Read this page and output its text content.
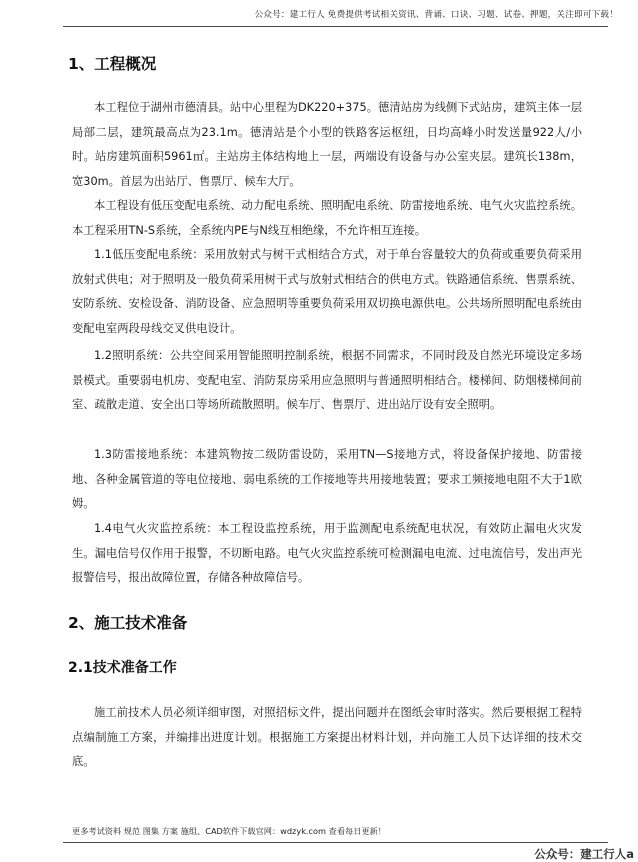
公众号：建工行人 免费提供考试相关资讯、背诵、口诀、习题、试卷、押题，关注即可下载！
1、工程概况

本工程位于湖州市德清县。站中心里程为DK220+375。德清站房为线侧下式站房，建筑主体一层局部二层，建筑最高点为23.1m。德清站是个小型的铁路客运枢纽，日均高峰小时发送量922人/小时。站房建筑面积5961㎡。主站房主体结构地上一层，两端设有设备与办公室夹层。建筑长138m，宽30m。首层为出站厅、售票厅、候车大厅。

本工程设有低压变配电系统、动力配电系统、照明配电系统、防雷接地系统、电气火灾监控系统。本工程采用TN-S系统，全系统内PE与N线互相绝缘，不允许相互连接。

1.1低压变配电系统：采用放射式与树干式相结合方式，对于单台容量较大的负荷或重要负荷采用放射式供电；对于照明及一般负荷采用树干式与放射式相结合的供电方式。铁路通信系统、售票系统、安防系统、安检设备、消防设备、应急照明等重要负荷采用双切换电源供电。公共场所照明配电系统由变配电室两段母线交叉供电设计。

1.2照明系统：公共空间采用智能照明控制系统，根据不同需求，不同时段及自然光环境设定多场景模式。重要弱电机房、变配电室、消防泵房采用应急照明与普通照明相结合。楼梯间、防烟楼梯间前室、疏散走道、安全出口等场所疏散照明。候车厅、售票厅、进出站厅设有安全照明。

1.3防雷接地系统：本建筑物按二级防雷设防，采用TN—S接地方式，将设备保护接地、防雷接地、各种金属管道的等电位接地、弱电系统的工作接地等共用接地装置；要求工频接地电阻不大于1欧姆。

1.4电气火灾监控系统：本工程设监控系统，用于监测配电系统配电状况，有效防止漏电火灾发生。漏电信号仅作用于报警，不切断电路。电气火灾监控系统可检测漏电电流、过电流信号，发出声光报警信号，报出故障位置，存储各种故障信号。

2、施工技术准备
2.1技术准备工作

施工前技术人员必须详细审图，对照招标文件，提出问题并在图纸会审时落实。然后要根据工程特点编制施工方案，并编排出进度计划。根据施工方案提出材料计划，并向施工人员下达详细的技术交底。

更多考试资料 规范 图集 方案 施组、CAD软件下载官网：wdzyk.com 查看每日更新！
公众号：建工行人a
